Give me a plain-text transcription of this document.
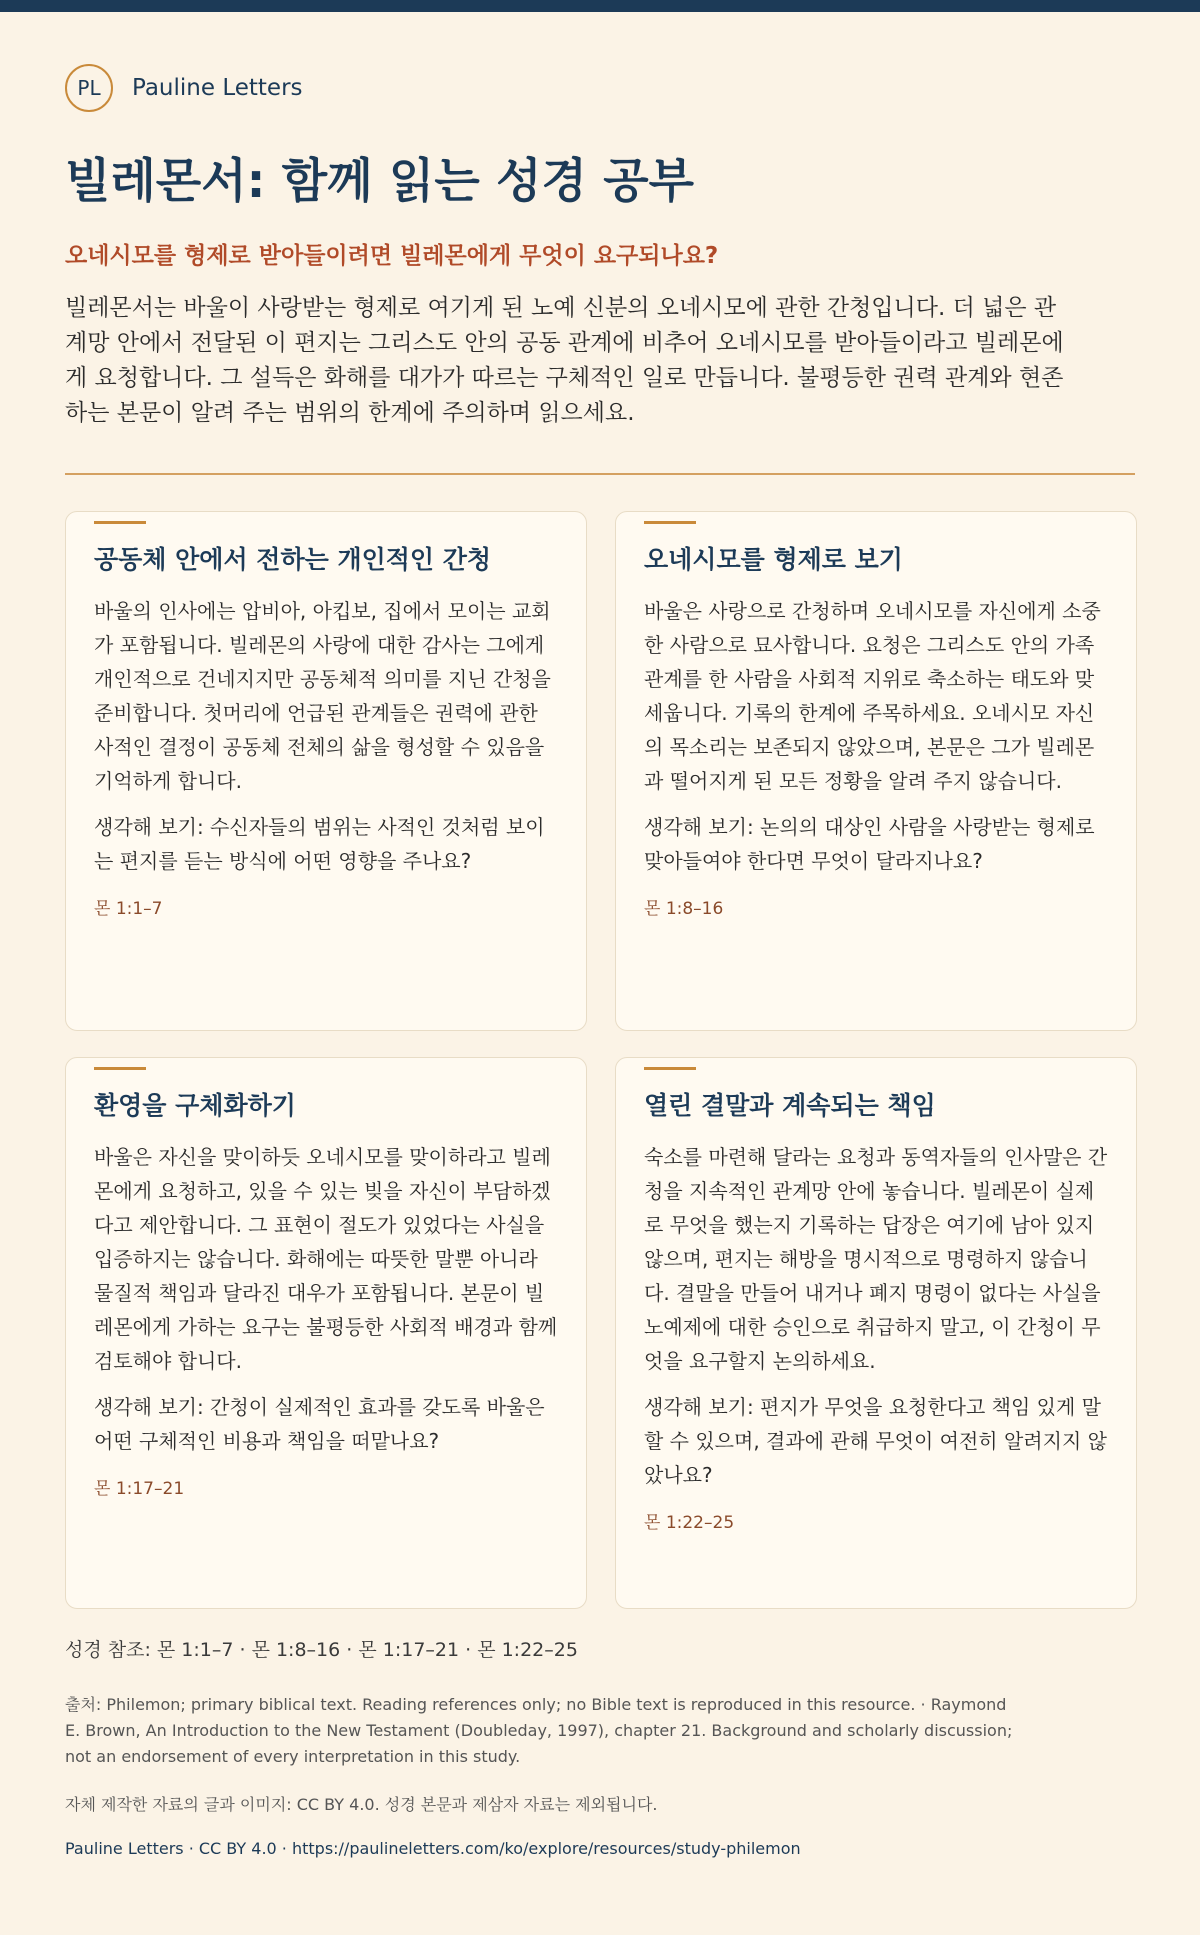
PL	Pauline Letters
빌레몬서: 함께 읽는 성경 공부
오네시모를 형제로 받아들이려면 빌레몬에게 무엇이 요구되나요?
빌레몬서는 바울이 사랑받는 형제로 여기게 된 노예 신분의 오네시모에 관한 간청입니다. 더 넓은 관계망 안에서 전달된 이 편지는 그리스도 안의 공동 관계에 비추어 오네시모를 받아들이라고 빌레몬에게 요청합니다. 그 설득은 화해를 대가가 따르는 구체적인 일로 만듭니다. 불평등한 권력 관계와 현존하는 본문이 알려 주는 범위의 한계에 주의하며 읽으세요.
공동체 안에서 전하는 개인적인 간청
바울의 인사에는 압비아, 아킵보, 집에서 모이는 교회가 포함됩니다. 빌레몬의 사랑에 대한 감사는 그에게 개인적으로 건네지지만 공동체적 의미를 지닌 간청을 준비합니다. 첫머리에 언급된 관계들은 권력에 관한 사적인 결정이 공동체 전체의 삶을 형성할 수 있음을 기억하게 합니다.
생각해 보기: 수신자들의 범위는 사적인 것처럼 보이는 편지를 듣는 방식에 어떤 영향을 주나요?
몬 1:1–7
오네시모를 형제로 보기
바울은 사랑으로 간청하며 오네시모를 자신에게 소중한 사람으로 묘사합니다. 요청은 그리스도 안의 가족 관계를 한 사람을 사회적 지위로 축소하는 태도와 맞세웁니다. 기록의 한계에 주목하세요. 오네시모 자신의 목소리는 보존되지 않았으며, 본문은 그가 빌레몬과 떨어지게 된 모든 정황을 알려 주지 않습니다.
생각해 보기: 논의의 대상인 사람을 사랑받는 형제로 맞아들여야 한다면 무엇이 달라지나요?
몬 1:8–16
환영을 구체화하기
바울은 자신을 맞이하듯 오네시모를 맞이하라고 빌레몬에게 요청하고, 있을 수 있는 빚을 자신이 부담하겠다고 제안합니다. 그 표현이 절도가 있었다는 사실을 입증하지는 않습니다. 화해에는 따뜻한 말뿐 아니라 물질적 책임과 달라진 대우가 포함됩니다. 본문이 빌레몬에게 가하는 요구는 불평등한 사회적 배경과 함께 검토해야 합니다.
생각해 보기: 간청이 실제적인 효과를 갖도록 바울은 어떤 구체적인 비용과 책임을 떠맡나요?
몬 1:17–21
열린 결말과 계속되는 책임
숙소를 마련해 달라는 요청과 동역자들의 인사말은 간청을 지속적인 관계망 안에 놓습니다. 빌레몬이 실제로 무엇을 했는지 기록하는 답장은 여기에 남아 있지 않으며, 편지는 해방을 명시적으로 명령하지 않습니다. 결말을 만들어 내거나 폐지 명령이 없다는 사실을 노예제에 대한 승인으로 취급하지 말고, 이 간청이 무엇을 요구할지 논의하세요.
생각해 보기: 편지가 무엇을 요청한다고 책임 있게 말할 수 있으며, 결과에 관해 무엇이 여전히 알려지지 않았나요?
몬 1:22–25
성경 참조: 몬 1:1–7 · 몬 1:8–16 · 몬 1:17–21 · 몬 1:22–25
출처: Philemon; primary biblical text. Reading references only; no Bible text is reproduced in this resource. · Raymond E. Brown, An Introduction to the New Testament (Doubleday, 1997), chapter 21. Background and scholarly discussion; not an endorsement of every interpretation in this study.
자체 제작한 자료의 글과 이미지: CC BY 4.0. 성경 본문과 제삼자 자료는 제외됩니다.
Pauline Letters · CC BY 4.0 · https://paulineletters.com/ko/explore/resources/study-philemon
